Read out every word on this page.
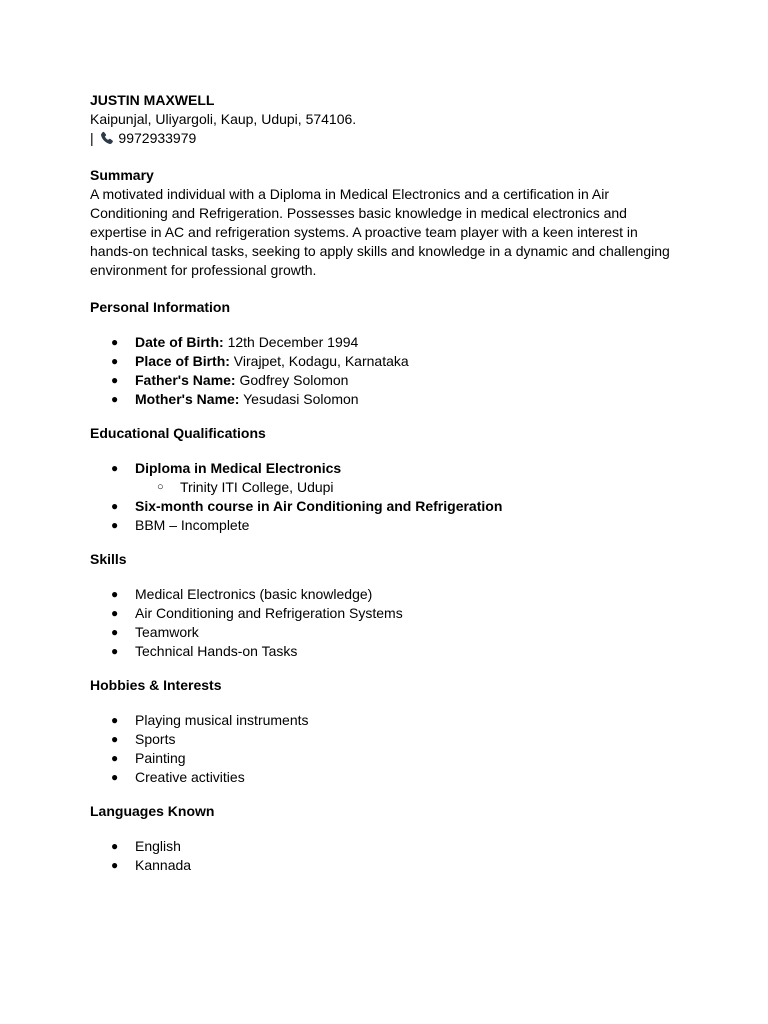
JUSTIN MAXWELL
Kaipunjal, Uliyargoli, Kaup, Udupi, 574106.
| 9972933979
Summary
A motivated individual with a Diploma in Medical Electronics and a certification in Air Conditioning and Refrigeration. Possesses basic knowledge in medical electronics and expertise in AC and refrigeration systems. A proactive team player with a keen interest in hands-on technical tasks, seeking to apply skills and knowledge in a dynamic and challenging environment for professional growth.
Personal Information
● Date of Birth: 12th December 1994
● Place of Birth: Virajpet, Kodagu, Karnataka
● Father's Name: Godfrey Solomon
● Mother's Name: Yesudasi Solomon
Educational Qualifications
● Diploma in Medical Electronics
○ Trinity ITI College, Udupi
● Six-month course in Air Conditioning and Refrigeration
● BBM – Incomplete
Skills
● Medical Electronics (basic knowledge)
● Air Conditioning and Refrigeration Systems
● Teamwork
● Technical Hands-on Tasks
Hobbies & Interests
● Playing musical instruments
● Sports
● Painting
● Creative activities
Languages Known
● English
● Kannada
